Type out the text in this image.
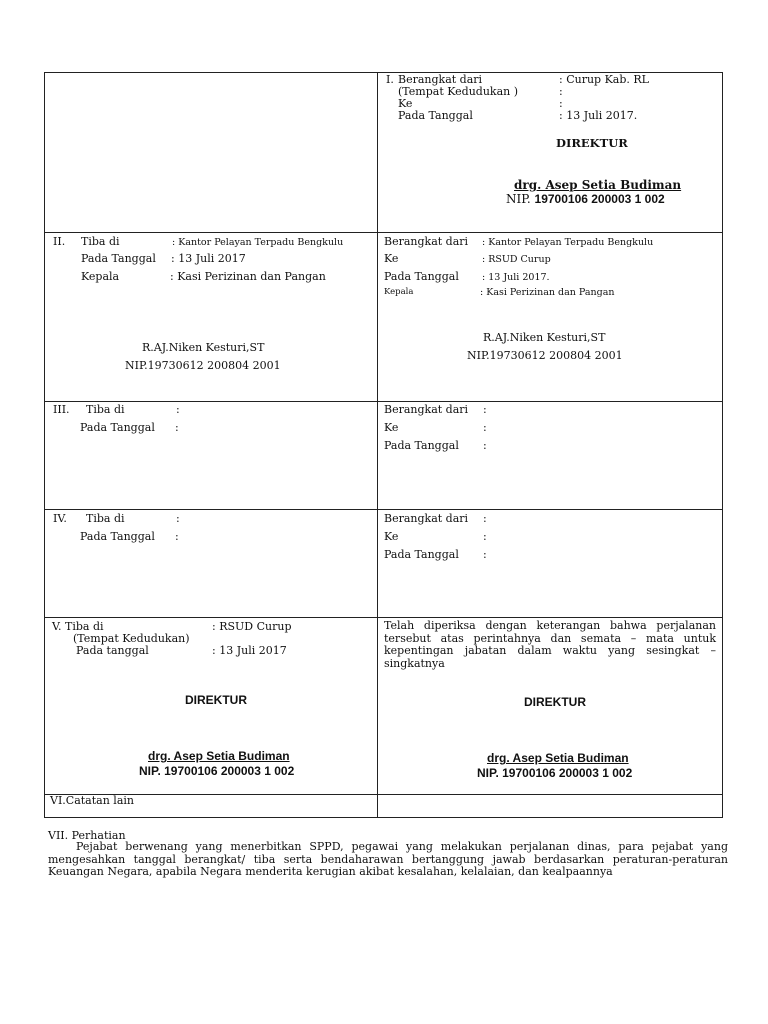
I. Berangkat dari	: Curup Kab. RL
(Tempat Kedudukan )	:
Ke	:
Pada Tanggal	: 13 Juli 2017.
DIREKTUR
drg. Asep Setia Budiman
NIP. 19700106 200003 1 002
II. Tiba di	: Kantor Pelayan Terpadu Bengkulu
Pada Tanggal : 13 Juli 2017
Kepala	: Kasi Perizinan dan Pangan
R.AJ.Niken Kesturi,ST
NIP.19730612 200804 2001
Berangkat dari : Kantor Pelayan Terpadu Bengkulu
Ke	: RSUD Curup
Pada Tanggal : 13 Juli 2017.
Kepala	: Kasi Perizinan dan Pangan
R.AJ.Niken Kesturi,ST
NIP.19730612 200804 2001
III. Tiba di	:
Pada Tanggal :
Berangkat dari :
Ke	:
Pada Tanggal :
IV. Tiba di	:
Pada Tanggal :
Berangkat dari :
Ke	:
Pada Tanggal :
V. Tiba di	: RSUD Curup
(Tempat Kedudukan)
Pada tanggal	: 13 Juli 2017
DIREKTUR
drg. Asep Setia Budiman
NIP. 19700106 200003 1 002
Telah diperiksa dengan keterangan bahwa perjalanan tersebut atas perintahnya dan semata – mata untuk kepentingan jabatan dalam waktu yang sesingkat – singkatnya
DIREKTUR
drg. Asep Setia Budiman
NIP. 19700106 200003 1 002
VI.Catatan lain
VII. Perhatian
Pejabat berwenang yang menerbitkan SPPD, pegawai yang melakukan perjalanan dinas, para pejabat yang mengesahkan tanggal berangkat/ tiba serta bendaharawan bertanggung jawab berdasarkan peraturan-peraturan Keuangan Negara, apabila Negara menderita kerugian akibat kesalahan, kelalaian, dan kealpaannya
